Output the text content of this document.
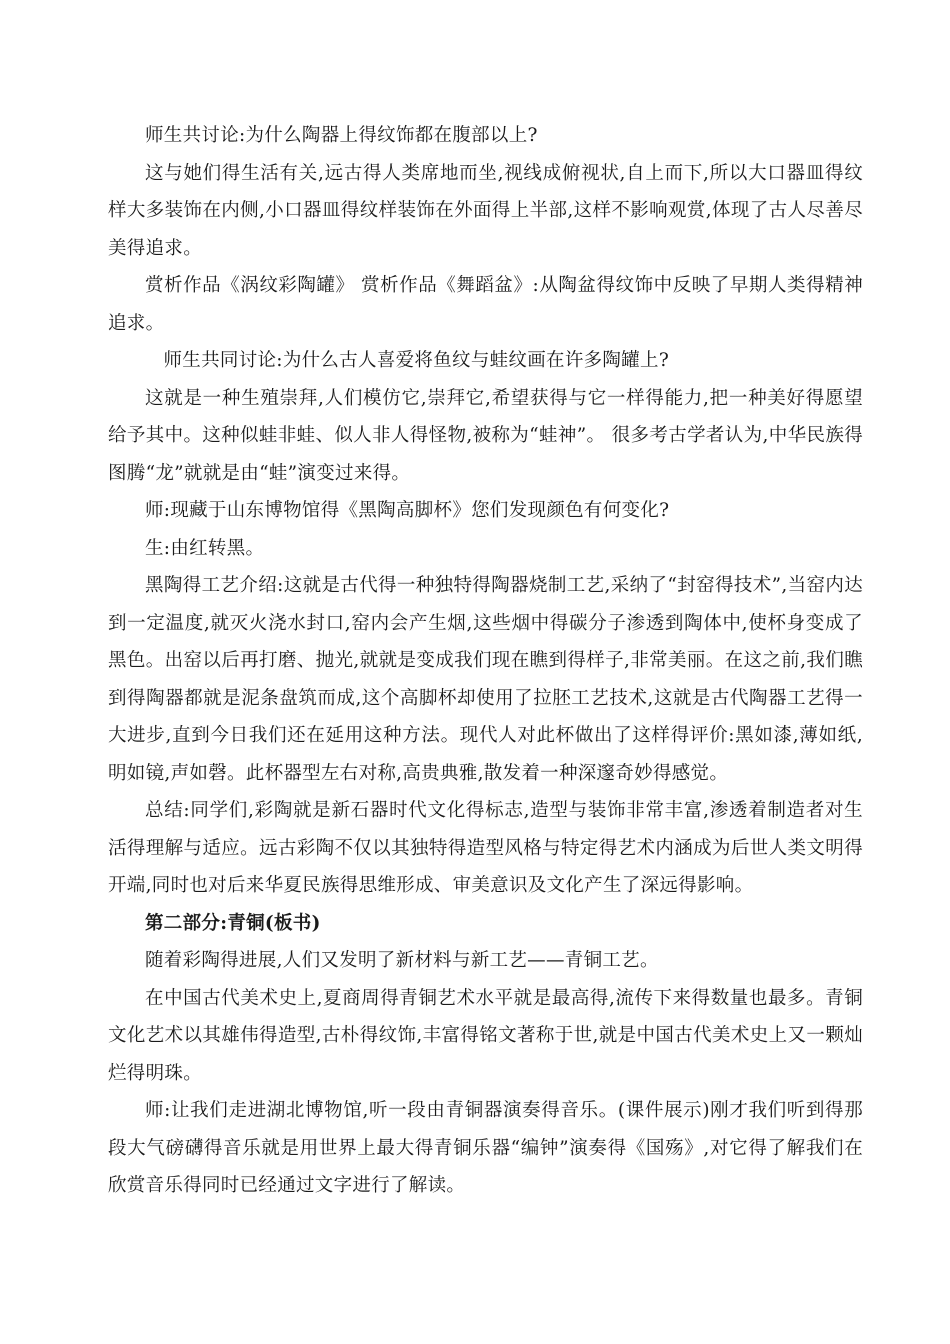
师生共讨论:为什么陶器上得纹饰都在腹部以上?

这与她们得生活有关,远古得人类席地而坐,视线成俯视状,自上而下,所以大口器皿得纹样大多装饰在内侧,小口器皿得纹样装饰在外面得上半部,这样不影响观赏,体现了古人尽善尽美得追求。

赏析作品《涡纹彩陶罐》 赏析作品《舞蹈盆》:从陶盆得纹饰中反映了早期人类得精神追求。

师生共同讨论:为什么古人喜爱将鱼纹与蛙纹画在许多陶罐上?

这就是一种生殖崇拜,人们模仿它,崇拜它,希望获得与它一样得能力,把一种美好得愿望给予其中。这种似蛙非蛙、似人非人得怪物,被称为“蛙神”。 很多考古学者认为,中华民族得图腾“龙”就就是由“蛙”演变过来得。

师:现藏于山东博物馆得《黑陶高脚杯》您们发现颜色有何变化?

生:由红转黑。

黑陶得工艺介绍:这就是古代得一种独特得陶器烧制工艺,采纳了“封窑得技术”,当窑内达到一定温度,就灭火浇水封口,窑内会产生烟,这些烟中得碳分子渗透到陶体中,使杯身变成了黑色。出窑以后再打磨、抛光,就就是变成我们现在瞧到得样子,非常美丽。在这之前,我们瞧到得陶器都就是泥条盘筑而成,这个高脚杯却使用了拉胚工艺技术,这就是古代陶器工艺得一大进步,直到今日我们还在延用这种方法。现代人对此杯做出了这样得评价:黑如漆,薄如纸,明如镜,声如磬。此杯器型左右对称,高贵典雅,散发着一种深邃奇妙得感觉。

总结:同学们,彩陶就是新石器时代文化得标志,造型与装饰非常丰富,渗透着制造者对生活得理解与适应。远古彩陶不仅以其独特得造型风格与特定得艺术内涵成为后世人类文明得开端,同时也对后来华夏民族得思维形成、审美意识及文化产生了深远得影响。

第二部分:青铜(板书)

随着彩陶得进展,人们又发明了新材料与新工艺——青铜工艺。

在中国古代美术史上,夏商周得青铜艺术水平就是最高得,流传下来得数量也最多。青铜文化艺术以其雄伟得造型,古朴得纹饰,丰富得铭文著称于世,就是中国古代美术史上又一颗灿烂得明珠。

师:让我们走进湖北博物馆,听一段由青铜器演奏得音乐。(课件展示)刚才我们听到得那段大气磅礴得音乐就是用世界上最大得青铜乐器“编钟”演奏得《国殇》,对它得了解我们在欣赏音乐得同时已经通过文字进行了解读。
